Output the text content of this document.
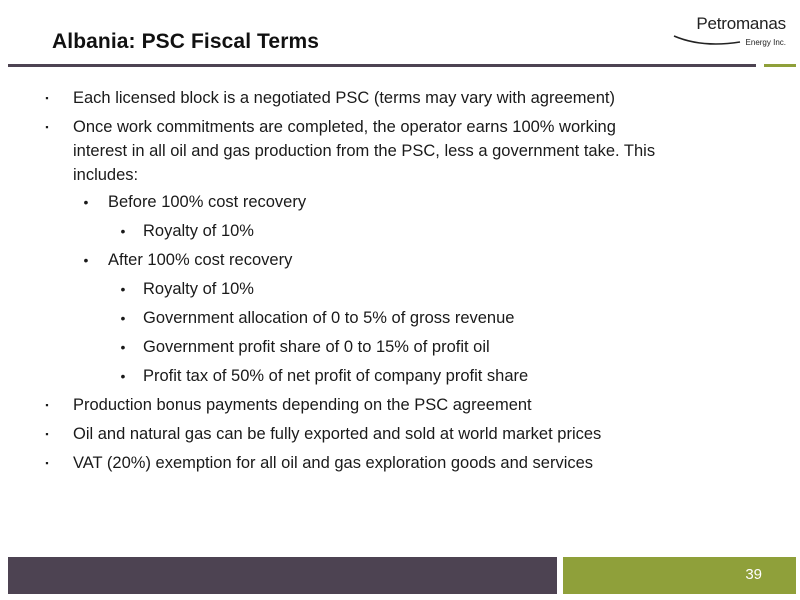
Albania: PSC Fiscal Terms
Petromanas
Energy Inc.
▪	Each licensed block is a negotiated PSC (terms may vary with agreement)
▪	Once work commitments are completed, the operator earns 100% working
interest in all oil and gas production from the PSC, less a government take. This
includes:
• Before 100% cost recovery
• Royalty of 10%
• After 100% cost recovery
• Royalty of 10%
• Government allocation of 0 to 5% of gross revenue
• Government profit share of 0 to 15% of profit oil
• Profit tax of 50% of net profit of company profit share
▪	Production bonus payments depending on the PSC agreement
▪	Oil and natural gas can be fully exported and sold at world market prices
▪	VAT (20%) exemption for all oil and gas exploration goods and services
39
